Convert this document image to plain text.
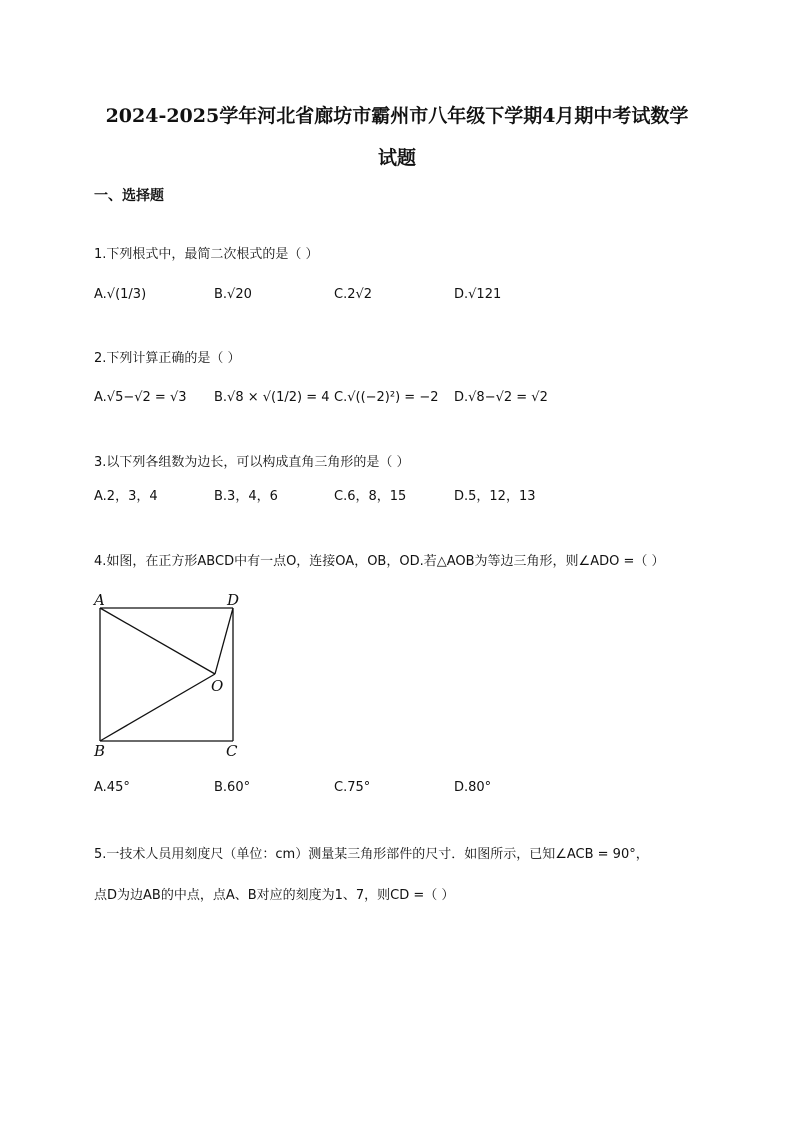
2024-2025学年河北省廊坊市霸州市八年级下学期4月期中考试数学
试题
一、选择题
1.下列根式中，最简二次根式的是（ ）
A.√(1/3)	B.√20	C.2√2	D.√121
2.下列计算正确的是（ ）
A.√5−√2 = √3 B.√8 × √(1/2) = 4 C.√((−2)²) = −2 D.√8−√2 = √2
3.以下列各组数为边长，可以构成直角三角形的是（ ）
A.2，3，4	B.3，4，6	C.6，8，15	D.5，12，13
4.如图，在正方形ABCD中有一点O，连接OA，OB，OD.若△AOB为等边三角形，则∠ADO =（ ）
A	D
O
B	C
A.45°	B.60°	C.75°	D.80°
5.一技术人员用刻度尺（单位：cm）测量某三角形部件的尺寸．如图所示，已知∠ACB = 90°，
点D为边AB的中点，点A、B对应的刻度为1、7，则CD =（ ）
